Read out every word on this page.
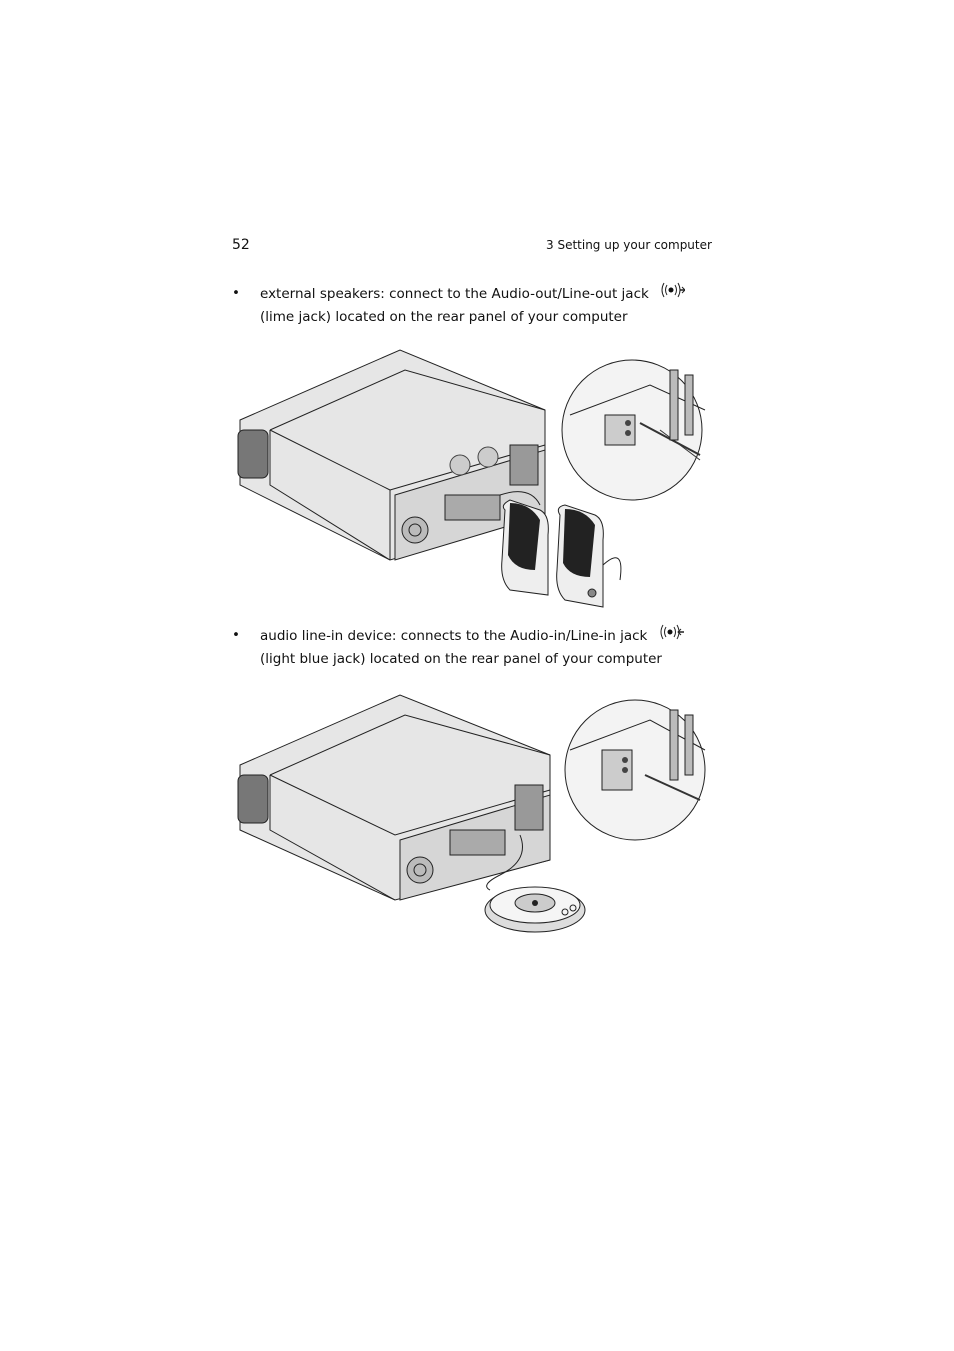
52	3 Setting up your computer
• external speakers: connect to the Audio-out/Line-out jack
(lime jack) located on the rear panel of your computer
• audio line-in device: connects to the Audio-in/Line-in jack
(light blue jack) located on the rear panel of your computer
